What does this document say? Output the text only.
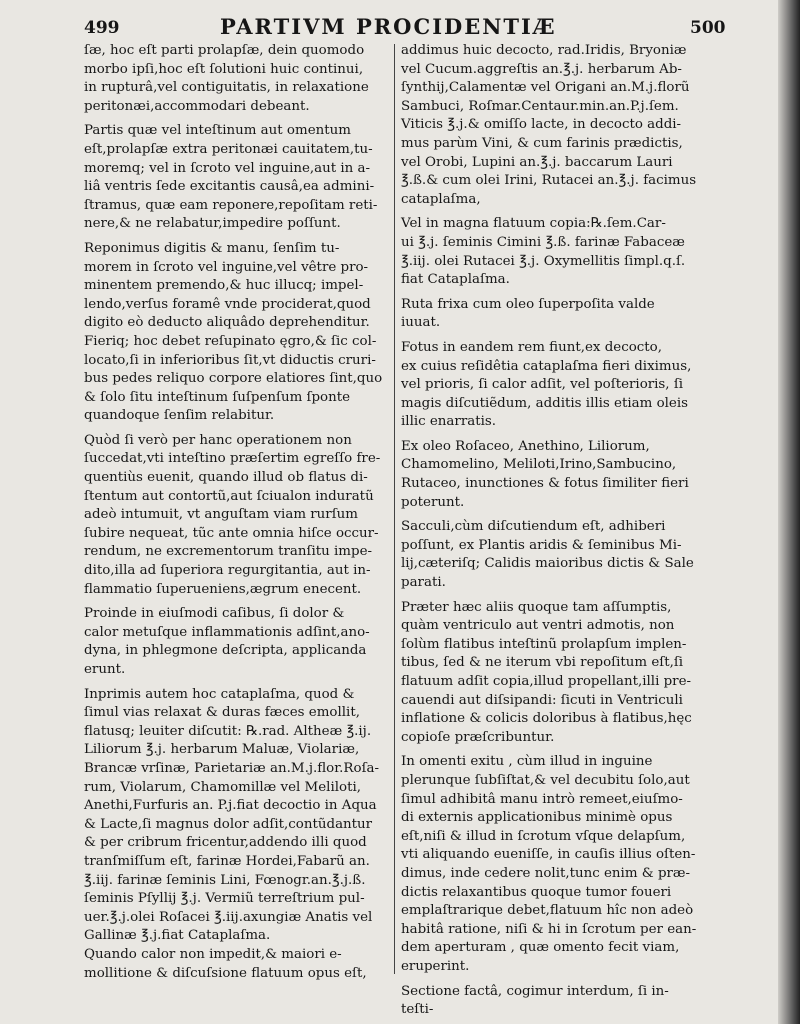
499	PARTIVM PROCIDENTIÆ	500
ſæ, hoc eſt parti prolapſæ, dein quomodo
morbo ipſi,hoc eſt ſolutioni huic continui,
in rupturâ,vel contiguitatis, in relaxatione
peritonæi,accommodari debeant.
Partis quæ vel inteſtinum aut omentum
eſt,prolapſæ extra peritonæi cauitatem,tu-
moremq; vel in ſcroto vel inguine,aut in a-
liâ ventris ſede excitantis causâ,ea admini-
ſtramus, quæ eam reponere,repoſitam reti-
nere,& ne relabatur,impedire poſſunt.
Reponimus digitis & manu, ſenſim tu-
morem in ſcroto vel inguine,vel vêtre pro-
minentem premendo,& huc illucq; impel-
lendo,verſus foramê vnde prociderat,quod
digito eò deducto aliquâdo deprehenditur.
Fieriq; hoc debet reſupinato ęgro,& ſic col-
locato,ſi in inferioribus ſit,vt diductis cruri-
bus pedes reliquo corpore elatiores ſint,quo
& ſolo ſitu inteſtinum ſuſpenſum ſponte
quandoque ſenſim relabitur.
Quòd ſi verò per hanc operationem non
ſuccedat,vti inteſtino præſertim egreſſo fre-
quentiùs euenit, quando illud ob flatus di-
ſtentum aut contortũ,aut ſciualon induratũ
adeò intumuit, vt anguſtam viam rurſum
ſubire nequeat, tũc ante omnia hiſce occur-
rendum, ne excrementorum tranſitu impe-
dito,illa ad ſuperiora regurgitantia, aut in-
flammatio ſuperueniens,ægrum enecent.
Proinde in eiuſmodi caſibus, ſi dolor &
calor metuſque inflammationis adſint,ano-
dyna, in phlegmone deſcripta, applicanda
erunt.
Inprimis autem hoc cataplaſma, quod &
ſimul vias relaxat & duras fæces emollit,
flatusq; leuiter diſcutit: ℞.rad. Altheæ ℥.ij.
Liliorum ℥.j. herbarum Maluæ, Violariæ,
Brancæ vrſinæ, Parietariæ an.M.j.flor.Roſa-
rum, Violarum, Chamomillæ vel Meliloti,
Anethi,Furfuris an. P.j.fiat decoctio in Aqua
& Lacte,ſi magnus dolor adſit,contũdantur
& per cribrum fricentur,addendo illi quod
tranſmiſſum eſt, farinæ Hordei,Fabarũ an.
℥.iij. farinæ ſeminis Lini, Fœnogr.an.℥.j.ß.
ſeminis Pſyllij ℥.j. Vermiũ terreſtrium pul-
uer.℥.j.olei Roſacei ℥.iij.axungiæ Anatis vel
Gallinæ ℥.j.fiat Cataplaſma.
Quando calor non impedit,& maiori e-
mollitione & diſcuſsione flatuum opus eſt,
addimus huic decocto, rad.Iridis, Bryoniæ
vel Cucum.aggreſtis an.℥.j. herbarum Ab-
ſynthij,Calamentæ vel Origani an.M.j.florũ
Sambuci, Roſmar.Centaur.min.an.P.j.ſem.
Viticis ℥.j.& omiſſo lacte, in decocto addi-
mus parùm Vini, & cum farinis prædictis,
vel Orobi, Lupini an.℥.j. baccarum Lauri
℥.ß.& cum olei Irini, Rutacei an.℥.j. facimus
cataplaſma,
Vel in magna flatuum copia:℞.ſem.Car-
ui ℥.j. ſeminis Cimini ℥.ß. farinæ Fabaceæ
℥.iij. olei Rutacei ℥.j. Oxymellitis ſimpl.q.ſ.
fiat Cataplaſma.
Ruta frixa cum oleo ſuperpoſita valde
iuuat.
Fotus in eandem rem fiunt,ex decocto,
ex cuius reſidêtia cataplaſma fieri diximus,
vel prioris, ſi calor adſit, vel poſterioris, ſi
magis diſcutiẽdum, additis illis etiam oleis
illic enarratis.
Ex oleo Roſaceo, Anethino, Liliorum,
Chamomelino, Meliloti,Irino,Sambucino,
Rutaceo, inunctiones & fotus ſimiliter fieri
poterunt.
Sacculi,cùm diſcutiendum eſt, adhiberi
poſſunt, ex Plantis aridis & ſeminibus Mi-
lij,cæteriſq; Calidis maioribus dictis & Sale
parati.
Præter hæc aliis quoque tam aſſumptis,
quàm ventriculo aut ventri admotis, non
ſolùm flatibus inteſtinũ prolapſum implen-
tibus, ſed & ne iterum vbi repoſitum eſt,ſi
flatuum adſit copia,illud propellant,illi pre-
cauendi aut diſsipandi: ſicuti in Ventriculi
inflatione & colicis doloribus à flatibus,hęc
copioſe præſcribuntur.
In omenti exitu , cùm illud in inguine
plerunque ſubſiſtat,& vel decubitu ſolo,aut
ſimul adhibitâ manu intrò remeet,eiuſmo-
di externis applicationibus minimè opus
eſt,niſi & illud in ſcrotum vſque delapſum,
vti aliquando eueniſſe, in cauſis illius oſten-
dimus, inde cedere nolit,tunc enim & præ-
dictis relaxantibus quoque tumor foueri
emplaſtrarique debet,flatuum hîc non adeò
habitâ ratione, niſi & hi in ſcrotum per ean-
dem aperturam , quæ omento fecit viam,
eruperint.
Sectione factâ, cogimur interdum, ſi in-
teſti-
